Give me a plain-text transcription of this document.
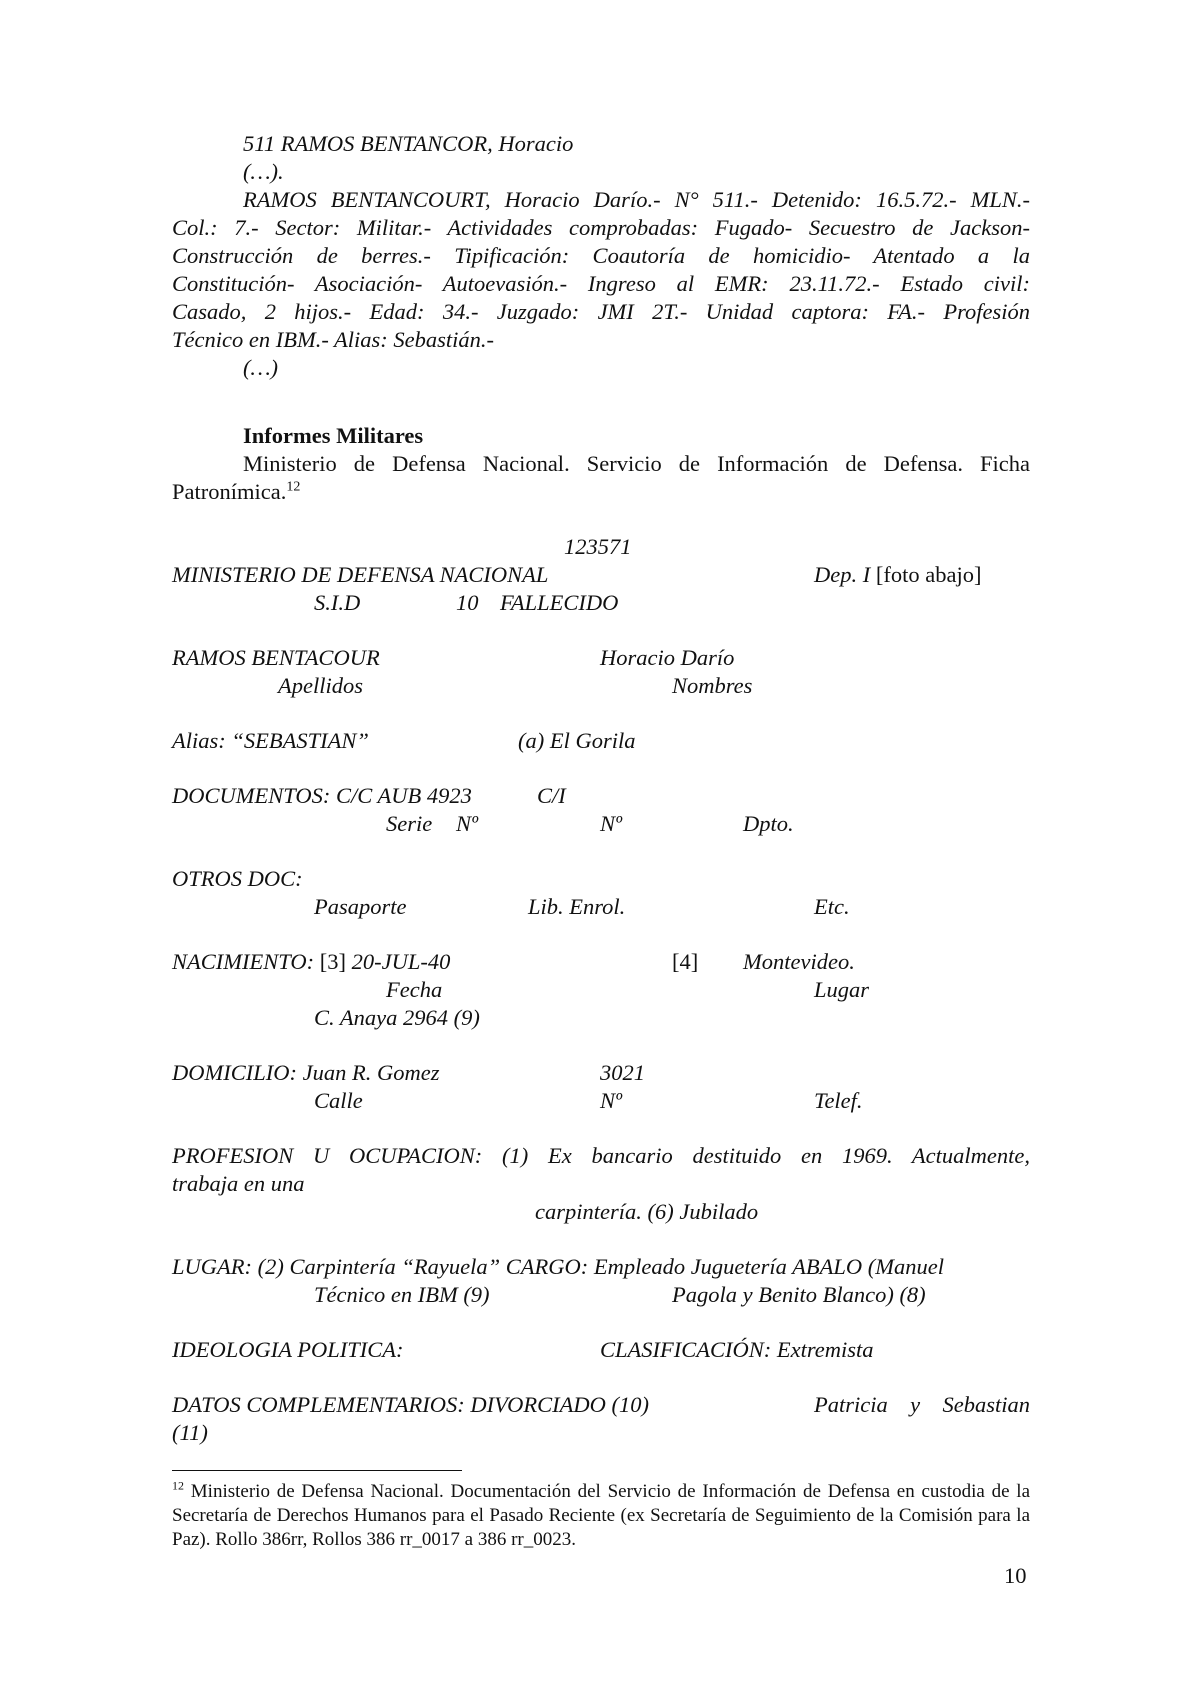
511 RAMOS BENTANCOR, Horacio
(…).
RAMOS BENTANCOURT, Horacio Darío.- N° 511.- Detenido: 16.5.72.- MLN.-
Col.: 7.- Sector: Militar.- Actividades comprobadas: Fugado- Secuestro de Jackson-
Construcción de berres.- Tipificación: Coautoría de homicidio- Atentado a la
Constitución- Asociación- Autoevasión.- Ingreso al EMR: 23.11.72.- Estado civil:
Casado, 2 hijos.- Edad: 34.- Juzgado: JMI 2T.- Unidad captora: FA.- Profesión
Técnico en IBM.- Alias: Sebastián.-
(…)
Informes Militares
Ministerio de Defensa Nacional. Servicio de Información de Defensa. Ficha
Patronímica.$^{12}$
123571
MINISTERIO DE DEFENSA NACIONAL	Dep. I [foto abajo]
S.I.D	10 FALLECIDO
RAMOS BENTACOUR	Horacio Darío
Apellidos	Nombres
Alias: “SEBASTIAN”	(a) El Gorila
DOCUMENTOS: C/C AUB 4923	C/I
Serie Nº	Nº	Dpto.
OTROS DOC:
Pasaporte	Lib. Enrol.	Etc.
NACIMIENTO: [3] 20-JUL-40	[4] Montevideo.
Fecha	Lugar
C. Anaya 2964 (9)
DOMICILIO: Juan R. Gomez	3021
Calle	Nº	Telef.
PROFESION U OCUPACION: (1) Ex bancario destituido en 1969. Actualmente,
trabaja en una
carpintería. (6) Jubilado
LUGAR: (2) Carpintería “Rayuela” CARGO: Empleado Juguetería ABALO (Manuel
Técnico en IBM (9)	Pagola y Benito Blanco) (8)
IDEOLOGIA POLITICA:	CLASIFICACIÓN: Extremista
DATOS COMPLEMENTARIOS: DIVORCIADO (10)	Patricia y Sebastian
(11)
$^{12}$ Ministerio de Defensa Nacional. Documentación del Servicio de Información de Defensa en custodia de la Secretaría de Derechos Humanos para el Pasado Reciente (ex Secretaría de Seguimiento de la Comisión para la Paz). Rollo 386rr, Rollos 386 rr_0017 a 386 rr_0023.
10
